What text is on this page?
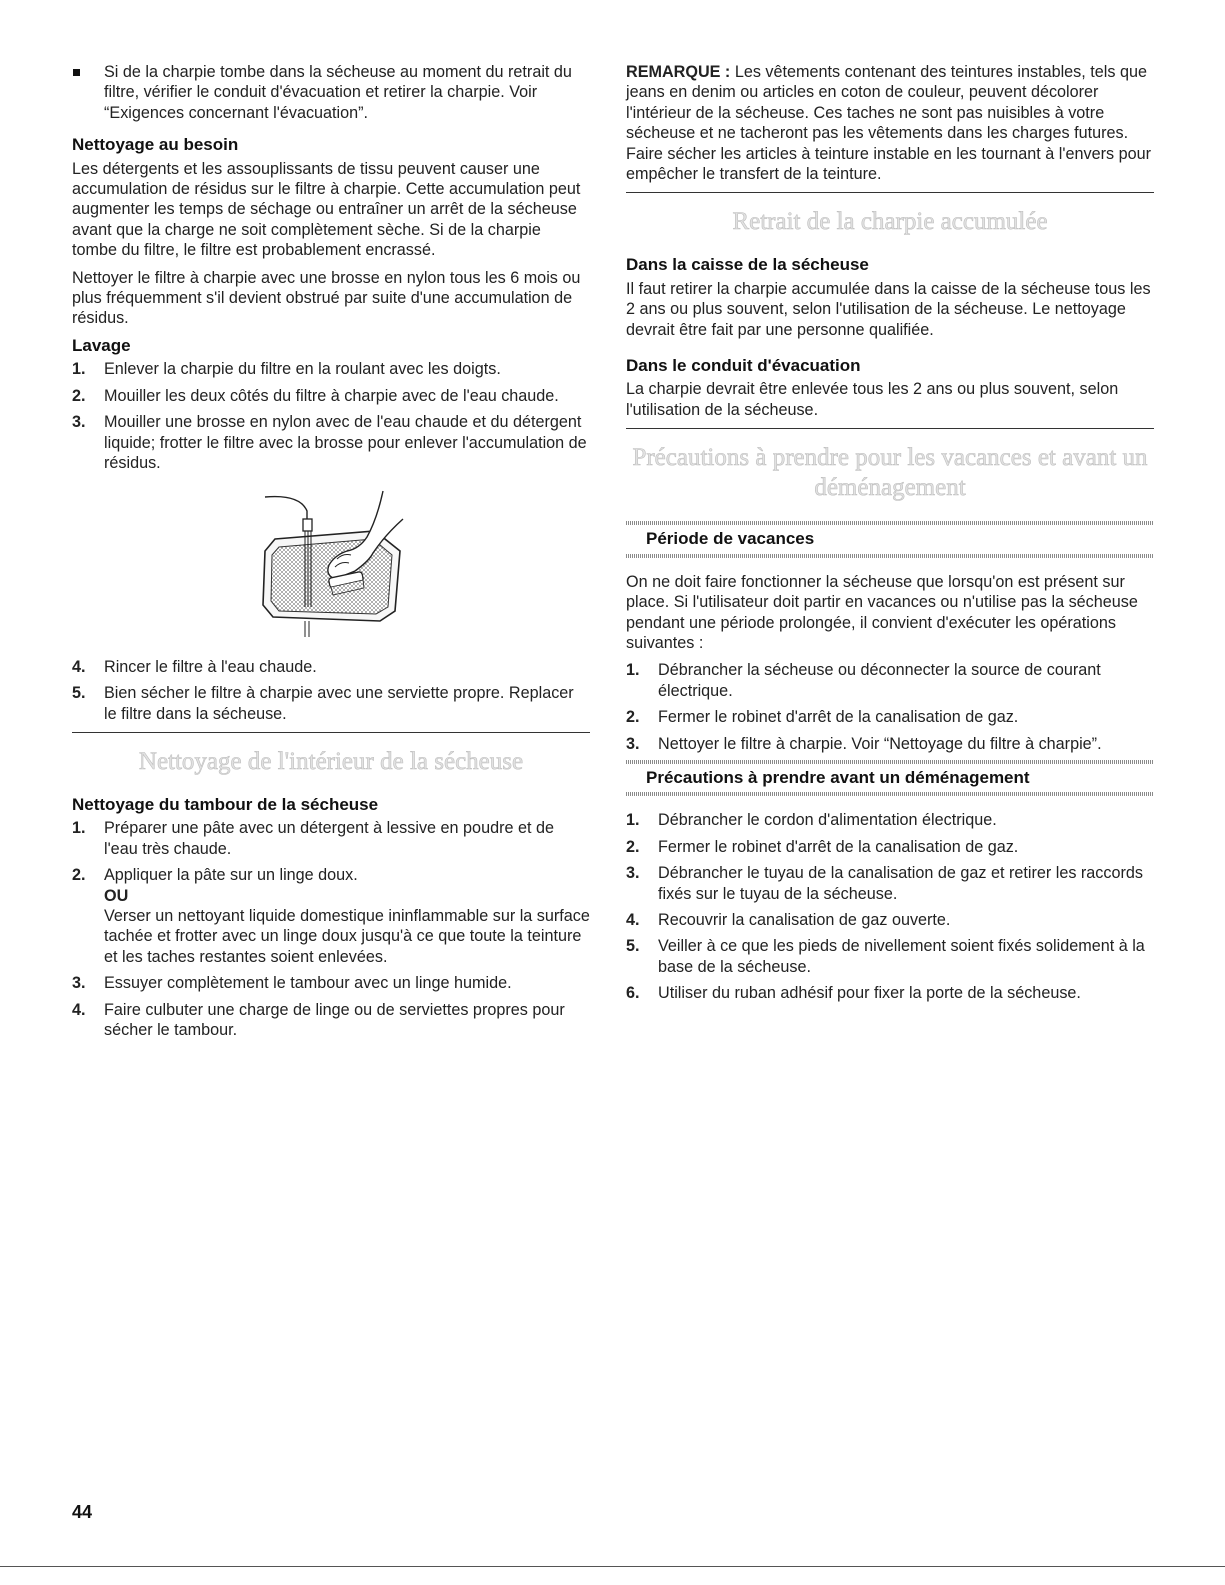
Si de la charpie tombe dans la sécheuse au moment du retrait du filtre, vérifier le conduit d'évacuation et retirer la charpie. Voir “Exigences concernant l'évacuation”.
Nettoyage au besoin

Les détergents et les assouplissants de tissu peuvent causer une accumulation de résidus sur le filtre à charpie. Cette accumulation peut augmenter les temps de séchage ou entraîner un arrêt de la sécheuse avant que la charge ne soit complètement sèche. Si de la charpie tombe du filtre, le filtre est probablement encrassé.

Nettoyer le filtre à charpie avec une brosse en nylon tous les 6 mois ou plus fréquemment s'il devient obstrué par suite d'une accumulation de résidus.

Lavage
1. Enlever la charpie du filtre en la roulant avec les doigts.
2. Mouiller les deux côtés du filtre à charpie avec de l'eau chaude.
3. Mouiller une brosse en nylon avec de l'eau chaude et du détergent liquide; frotter le filtre avec la brosse pour enlever l'accumulation de résidus.
4. Rincer le filtre à l'eau chaude.
5. Bien sécher le filtre à charpie avec une serviette propre. Replacer le filtre dans la sécheuse.
Nettoyage de l'intérieur de la sécheuse
Nettoyage du tambour de la sécheuse
1. Préparer une pâte avec un détergent à lessive en poudre et de l'eau très chaude.
2. Appliquer la pâte sur un linge doux.
OU
Verser un nettoyant liquide domestique ininflammable sur la surface tachée et frotter avec un linge doux jusqu'à ce que toute la teinture et les taches restantes soient enlevées.
3. Essuyer complètement le tambour avec un linge humide.
4. Faire culbuter une charge de linge ou de serviettes propres pour sécher le tambour.

REMARQUE : Les vêtements contenant des teintures instables, tels que jeans en denim ou articles en coton de couleur, peuvent décolorer l'intérieur de la sécheuse. Ces taches ne sont pas nuisibles à votre sécheuse et ne tacheront pas les vêtements dans les charges futures. Faire sécher les articles à teinture instable en les tournant à l'envers pour empêcher le transfert de la teinture.

Retrait de la charpie accumulée
Dans la caisse de la sécheuse

Il faut retirer la charpie accumulée dans la caisse de la sécheuse tous les 2 ans ou plus souvent, selon l'utilisation de la sécheuse. Le nettoyage devrait être fait par une personne qualifiée.

Dans le conduit d'évacuation

La charpie devrait être enlevée tous les 2 ans ou plus souvent, selon l'utilisation de la sécheuse.

Précautions à prendre pour les vacances et avant un déménagement
Période de vacances

On ne doit faire fonctionner la sécheuse que lorsqu'on est présent sur place. Si l'utilisateur doit partir en vacances ou n'utilise pas la sécheuse pendant une période prolongée, il convient d'exécuter les opérations suivantes :

1. Débrancher la sécheuse ou déconnecter la source de courant électrique.
2. Fermer le robinet d'arrêt de la canalisation de gaz.
3. Nettoyer le filtre à charpie. Voir “Nettoyage du filtre à charpie”.
Précautions à prendre avant un déménagement
1. Débrancher le cordon d'alimentation électrique.
2. Fermer le robinet d'arrêt de la canalisation de gaz.
3. Débrancher le tuyau de la canalisation de gaz et retirer les raccords fixés sur le tuyau de la sécheuse.
4. Recouvrir la canalisation de gaz ouverte.
5. Veiller à ce que les pieds de nivellement soient fixés solidement à la base de la sécheuse.
6. Utiliser du ruban adhésif pour fixer la porte de la sécheuse.
44
